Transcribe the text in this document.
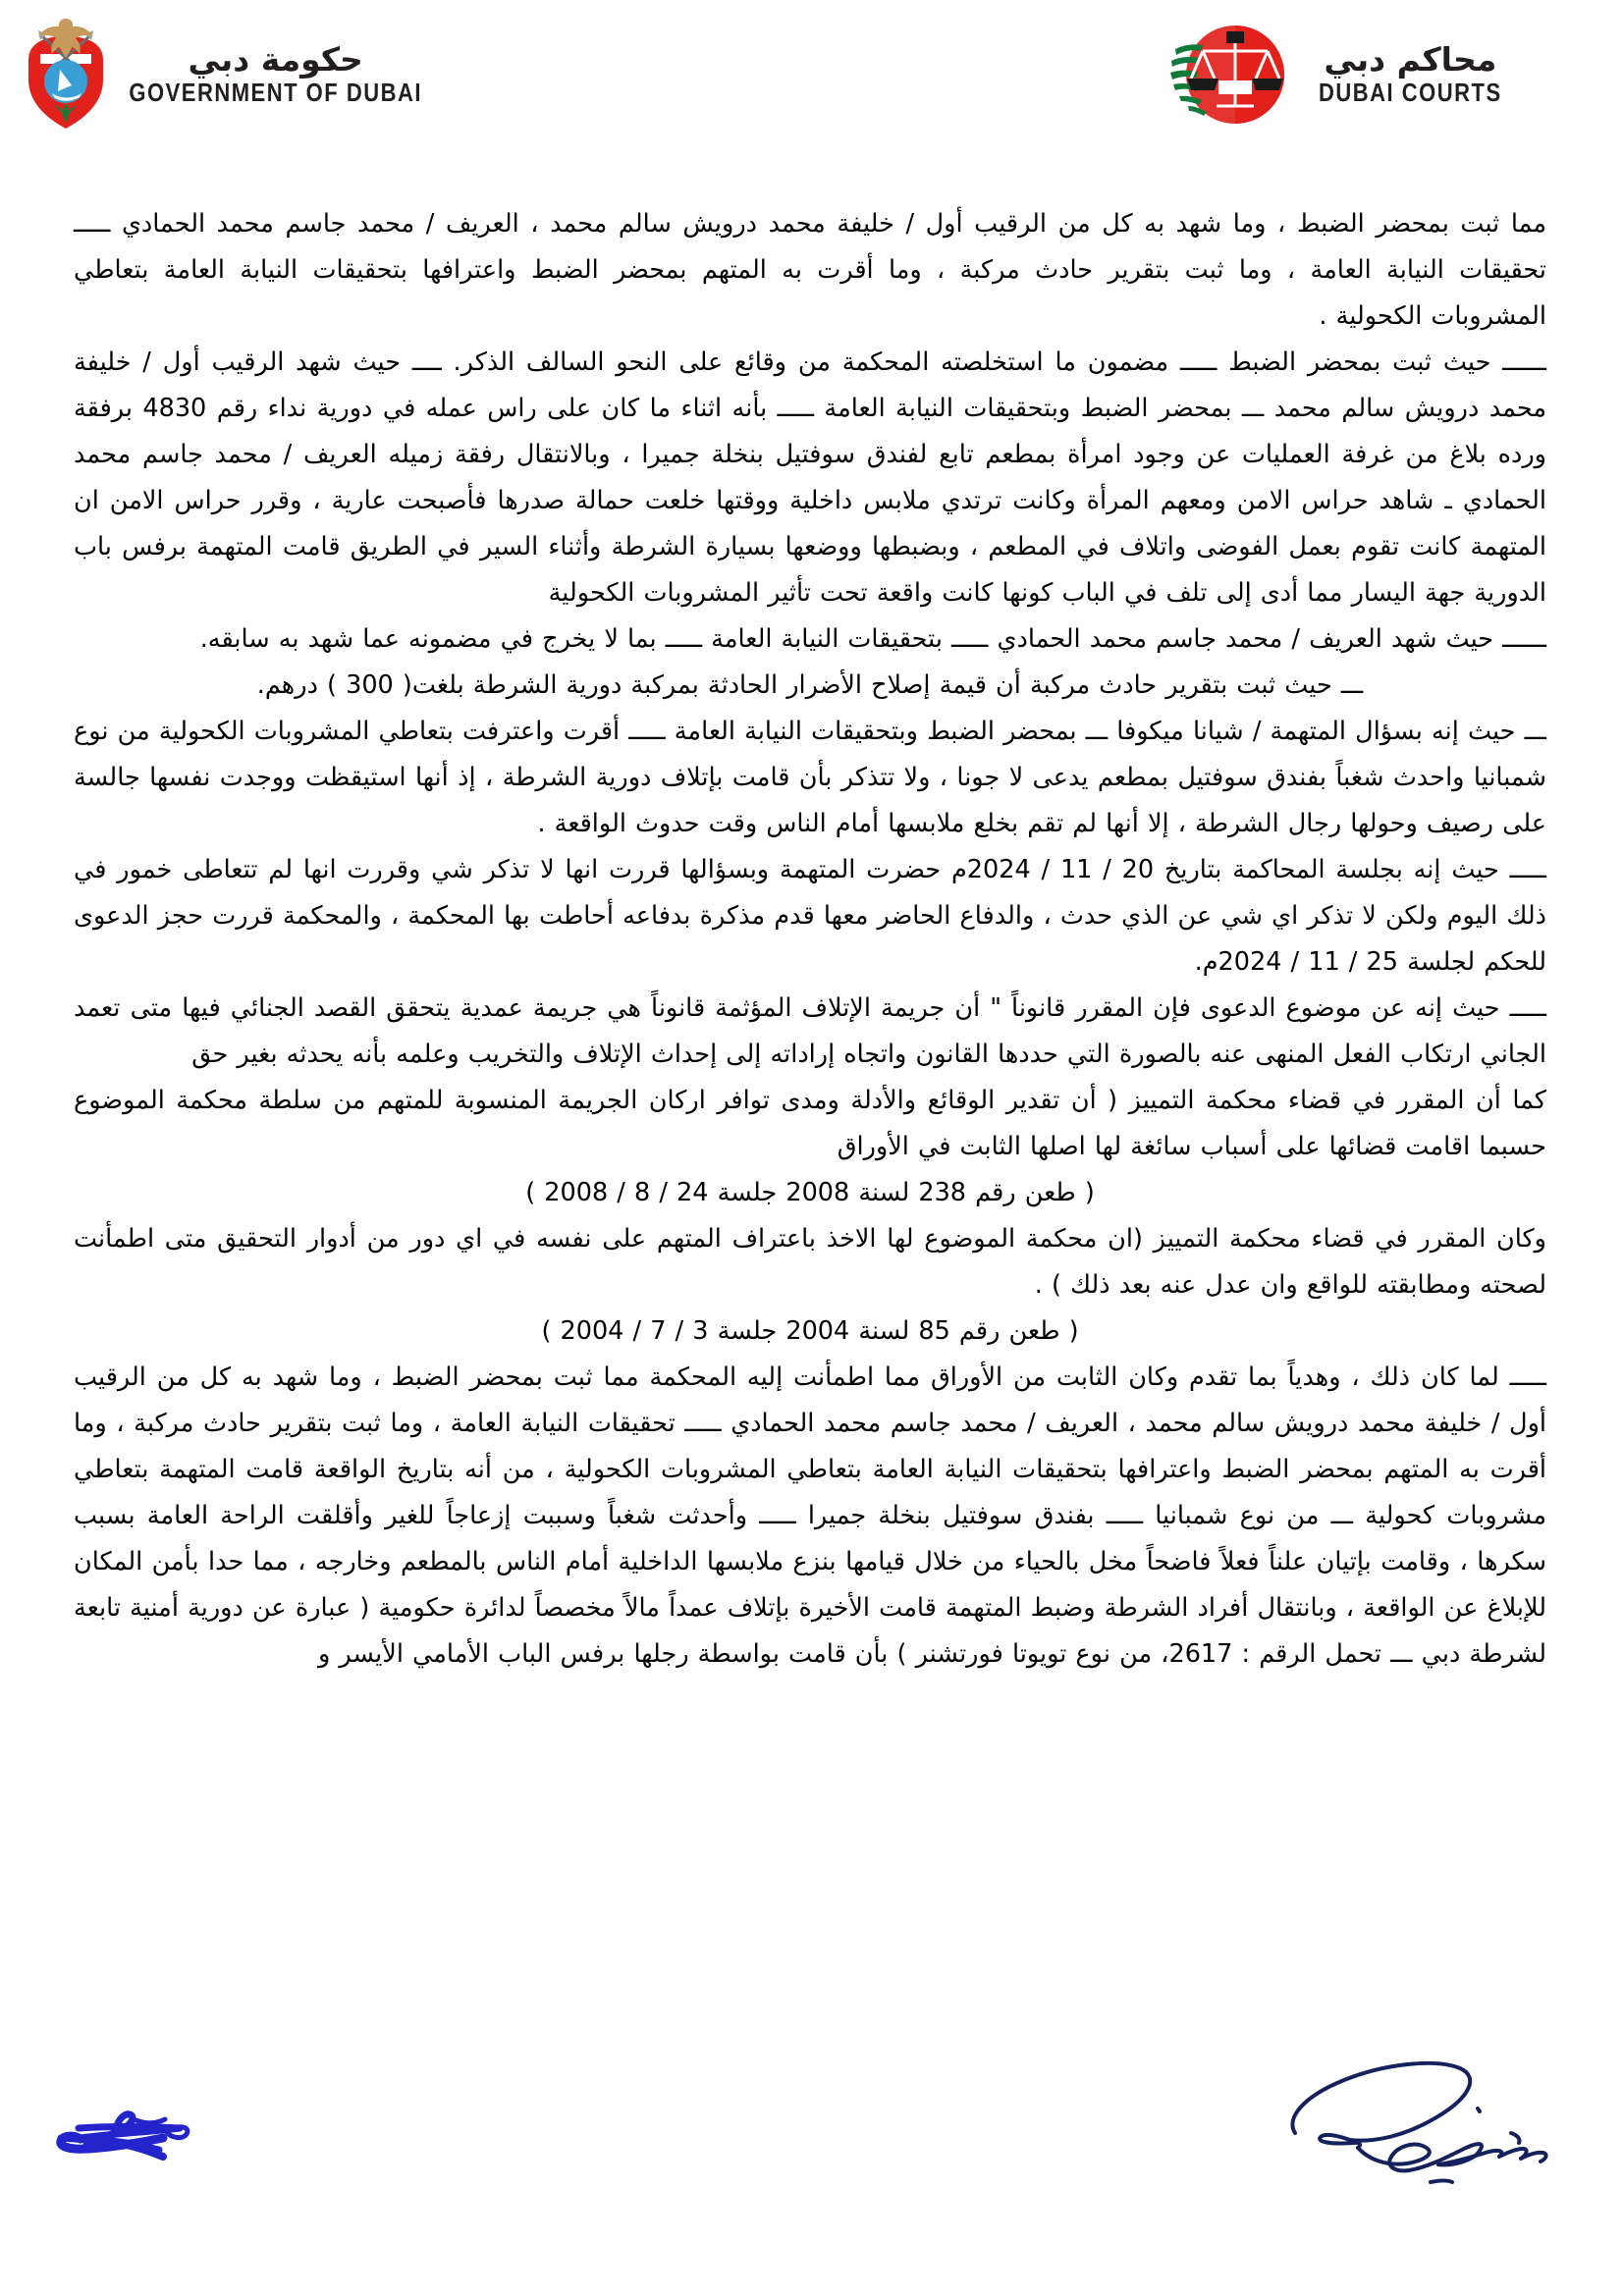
حكومة دبي
GOVERNMENT OF DUBAI
محاكم دبي
DUBAI COURTS

مما ثبت بمحضر الضبط ، وما شهد به كل من الرقيب أول / خليفة محمد درويش سالم محمد ، العريف / محمد جاسم محمد الحمادي ـــــ تحقيقات النيابة العامة ، وما ثبت بتقرير حادث مركبة ، وما أقرت به المتهم بمحضر الضبط واعترافها بتحقيقات النيابة العامة بتعاطي المشروبات الكحولية .

ــــــ حيث ثبت بمحضر الضبط ـــــ مضمون ما استخلصته المحكمة من وقائع على النحو السالف الذكر. ــــ حيث شهد الرقيب أول / خليفة محمد درويش سالم محمد ـــ بمحضر الضبط وبتحقيقات النيابة العامة ـــــ بأنه اثناء ما كان على راس عمله في دورية نداء رقم 4830 برفقة ورده بلاغ من غرفة العمليات عن وجود امرأة بمطعم تابع لفندق سوفتيل بنخلة جميرا ، وبالانتقال رفقة زميله العريف / محمد جاسم محمد الحمادي ـ شاهد حراس الامن ومعهم المرأة وكانت ترتدي ملابس داخلية ووقتها خلعت حمالة صدرها فأصبحت عارية ، وقرر حراس الامن ان المتهمة كانت تقوم بعمل الفوضى واتلاف في المطعم ، وبضبطها ووضعها بسيارة الشرطة وأثناء السير في الطريق قامت المتهمة برفس باب الدورية جهة اليسار مما أدى إلى تلف في الباب كونها كانت واقعة تحت تأثير المشروبات الكحولية

ــــــ حيث شهد العريف / محمد جاسم محمد الحمادي ـــــ بتحقيقات النيابة العامة ـــــ بما لا يخرج في مضمونه عما شهد به سابقه.

ـــ حيث ثبت بتقرير حادث مركبة أن قيمة إصلاح الأضرار الحادثة بمركبة دورية الشرطة بلغت( 300 ) درهم.

ـــ حيث إنه بسؤال المتهمة / شيانا ميكوفا ـــ بمحضر الضبط وبتحقيقات النيابة العامة ـــــ أقرت واعترفت بتعاطي المشروبات الكحولية من نوع شمبانيا واحدث شغباً بفندق سوفتيل بمطعم يدعى لا جونا ، ولا تتذكر بأن قامت بإتلاف دورية الشرطة ، إذ أنها استيقظت ووجدت نفسها جالسة على رصيف وحولها رجال الشرطة ، إلا أنها لم تقم بخلع ملابسها أمام الناس وقت حدوث الواقعة .

ـــــ حيث إنه بجلسة المحاكمة بتاريخ 20 / 11 / 2024م حضرت المتهمة وبسؤالها قررت انها لا تذكر شي وقررت انها لم تتعاطى خمور في ذلك اليوم ولكن لا تذكر اي شي عن الذي حدث ، والدفاع الحاضر معها قدم مذكرة بدفاعه أحاطت بها المحكمة ، والمحكمة قررت حجز الدعوى للحكم لجلسة 25 / 11 / 2024م.

ـــــ حيث إنه عن موضوع الدعوى فإن المقرر قانوناً " أن جريمة الإتلاف المؤثمة قانوناً هي جريمة عمدية يتحقق القصد الجنائي فيها متى تعمد الجاني ارتكاب الفعل المنهى عنه بالصورة التي حددها القانون واتجاه إراداته إلى إحداث الإتلاف والتخريب وعلمه بأنه يحدثه بغير حق

كما أن المقرر في قضاء محكمة التمييز ( أن تقدير الوقائع والأدلة ومدى توافر اركان الجريمة المنسوبة للمتهم من سلطة محكمة الموضوع حسبما اقامت قضائها على أسباب سائغة لها اصلها الثابت في الأوراق

( طعن رقم 238 لسنة 2008 جلسة 24 / 8 / 2008 )

وكان المقرر في قضاء محكمة التمييز (ان محكمة الموضوع لها الاخذ باعتراف المتهم على نفسه في اي دور من أدوار التحقيق متى اطمأنت لصحته ومطابقته للواقع وان عدل عنه بعد ذلك ) .

( طعن رقم 85 لسنة 2004 جلسة 3 / 7 / 2004 )

ـــــ لما كان ذلك ، وهدياً بما تقدم وكان الثابت من الأوراق مما اطمأنت إليه المحكمة مما ثبت بمحضر الضبط ، وما شهد به كل من الرقيب أول / خليفة محمد درويش سالم محمد ، العريف / محمد جاسم محمد الحمادي ـــــ تحقيقات النيابة العامة ، وما ثبت بتقرير حادث مركبة ، وما أقرت به المتهم بمحضر الضبط واعترافها بتحقيقات النيابة العامة بتعاطي المشروبات الكحولية ، من أنه بتاريخ الواقعة قامت المتهمة بتعاطي مشروبات كحولية ـــ من نوع شمبانيا ـــــ بفندق سوفتيل بنخلة جميرا ـــــ وأحدثت شغباً وسببت إزعاجاً للغير وأقلقت الراحة العامة بسبب سكرها ، وقامت بإتيان علناً فعلاً فاضحاً مخل بالحياء من خلال قيامها بنزع ملابسها الداخلية أمام الناس بالمطعم وخارجه ، مما حدا بأمن المكان للإبلاغ عن الواقعة ، وبانتقال أفراد الشرطة وضبط المتهمة قامت الأخيرة بإتلاف عمداً مالاً مخصصاً لدائرة حكومية ( عبارة عن دورية أمنية تابعة لشرطة دبي ـــ تحمل الرقم : 2617، من نوع تويوتا فورتشنر ) بأن قامت بواسطة رجلها برفس الباب الأمامي الأيسر و
